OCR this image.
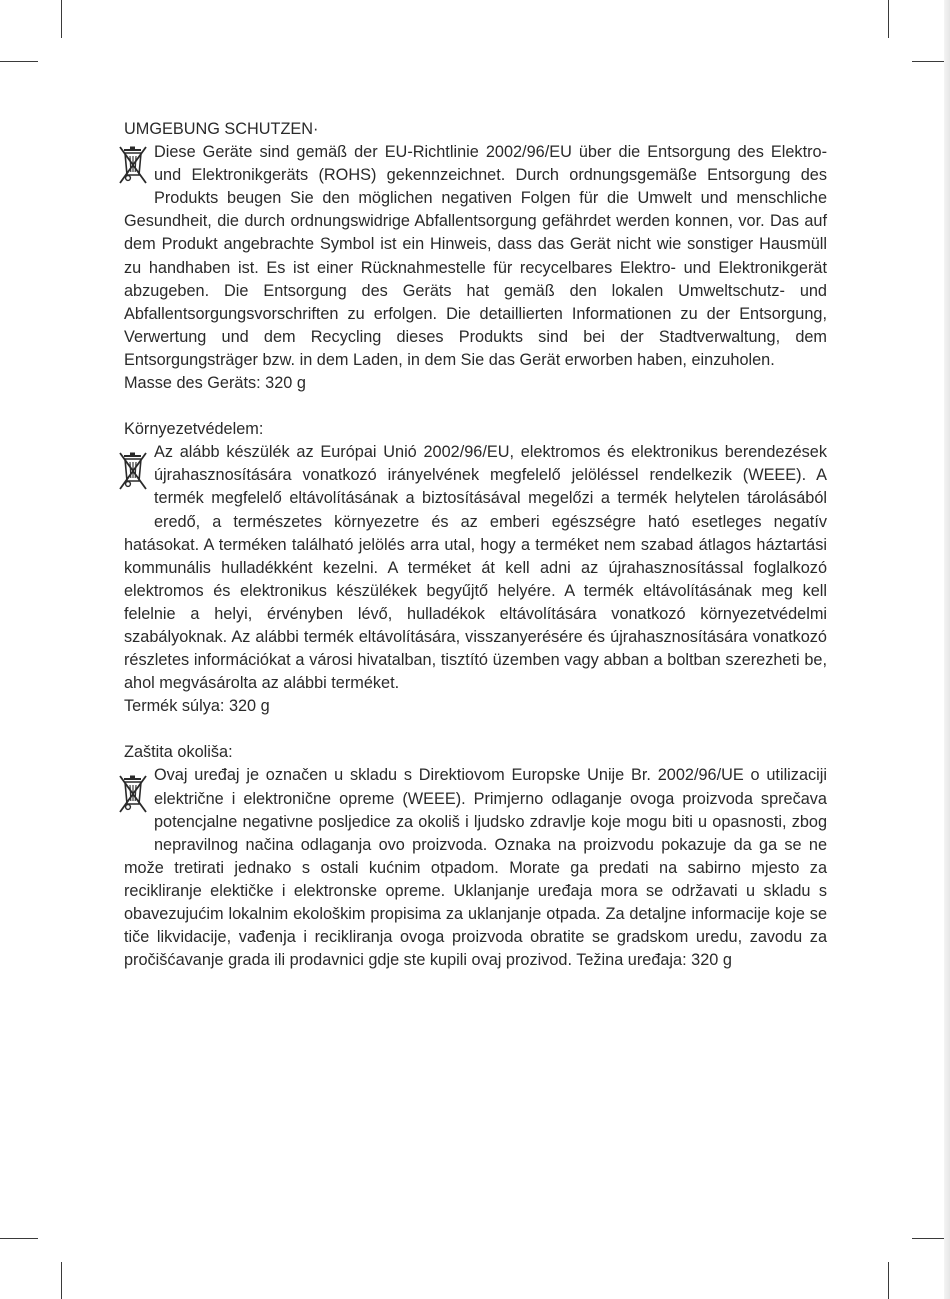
UMGEBUNG SCHUTZEN·
Diese Geräte sind gemäß der EU-Richtlinie 2002/96/EU über die Entsorgung des Elektro- und Elektronikgeräts (ROHS) gekennzeichnet. Durch ordnungsgemäße Entsorgung des Produkts beugen Sie den möglichen negativen Folgen für die Umwelt und menschliche Gesundheit, die durch ordnungswidrige Abfallentsorgung gefährdet werden konnen, vor. Das auf dem Produkt angebrachte Symbol ist ein Hinweis, dass das Gerät nicht wie sonstiger Hausmüll zu handhaben ist. Es ist einer Rücknahmestelle für recycelbares Elektro- und Elektronikgerät abzugeben. Die Entsorgung des Geräts hat gemäß den lokalen Umweltschutz- und Abfallentsorgungsvorschriften zu erfolgen. Die detaillierten Informationen zu der Entsorgung, Verwertung und dem Recycling dieses Produkts sind bei der Stadtverwaltung, dem Entsorgungsträger bzw. in dem Laden, in dem Sie das Gerät erworben haben, einzuholen.
Masse des Geräts: 320 g
Környezetvédelem:
Az alább készülék az Európai Unió 2002/96/EU, elektromos és elektronikus berendezések újrahasznosítására vonatkozó irányelvének megfelelő jelöléssel rendelkezik (WEEE). A termék megfelelő eltávolításának a biztosításával megelőzi a termék helytelen tárolásából eredő, a természetes környezetre és az emberi egészségre ható esetleges negatív hatásokat. A terméken található jelölés arra utal, hogy a terméket nem szabad átlagos háztartási kommunális hulladékként kezelni. A terméket át kell adni az újrahasznosítással foglalkozó elektromos és elektronikus készülékek begyűjtő helyére. A termék eltávolításának meg kell felelnie a helyi, érvényben lévő, hulladékok eltávolítására vonatkozó környezetvédelmi szabályoknak. Az alábbi termék eltávolítására, visszanyerésére és újrahasznosítására vonatkozó részletes információkat a városi hivatalban, tisztító üzemben vagy abban a boltban szerezheti be, ahol megvásárolta az alábbi terméket.
Termék súlya: 320 g
Zaštita okoliša:
Ovaj uređaj je označen u skladu s Direktiovom Europske Unije Br. 2002/96/UE o utilizaciji električne i elektronične opreme (WEEE). Primjerno odlaganje ovoga proizvoda sprečava potencjalne negativne posljedice za okoliš i ljudsko zdravlje koje mogu biti u opasnosti, zbog nepravilnog načina odlaganja ovo proizvoda. Oznaka na proizvodu pokazuje da ga se ne može tretirati jednako s ostali kućnim otpadom. Morate ga predati na sabirno mjesto za recikliranje elektičke i elektronske opreme. Uklanjanje uređaja mora se održavati u skladu s obavezujućim lokalnim ekološkim propisima za uklanjanje otpada. Za detaljne informacije koje se tiče likvidacije, vađenja i recikliranja ovoga proizvoda obratite se gradskom uredu, zavodu za pročišćavanje grada ili prodavnici gdje ste kupili ovaj prozivod. Težina uređaja: 320 g
